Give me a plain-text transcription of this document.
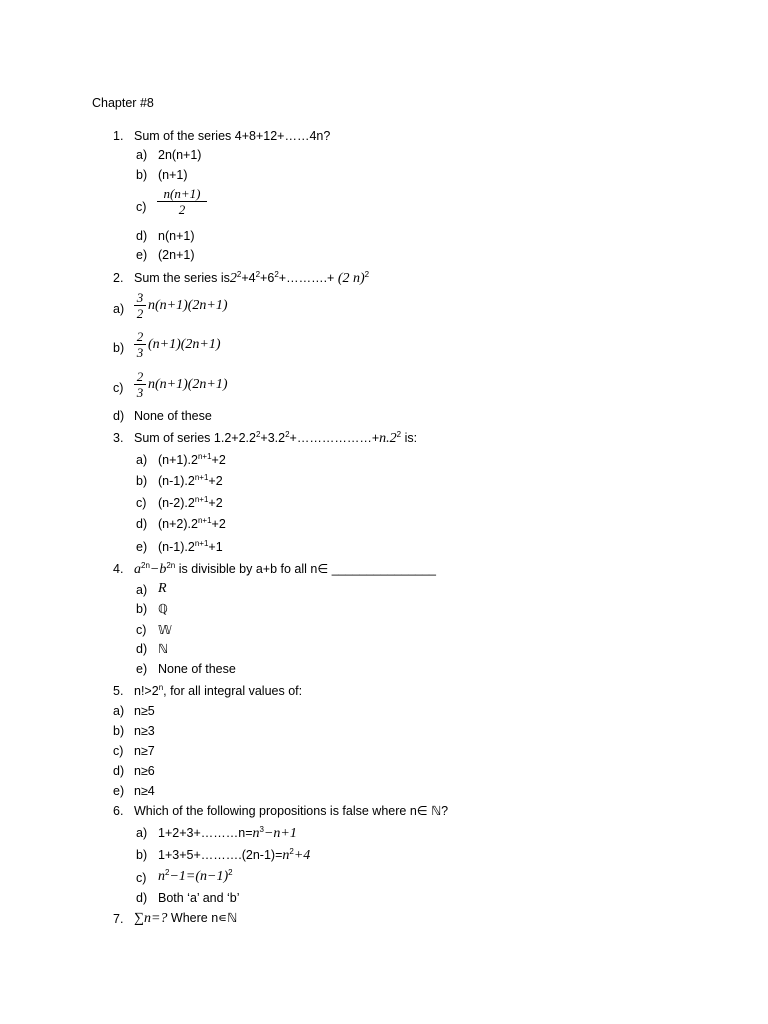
Chapter #8
1. Sum of the series 4+8+12+……4n?
a) 2n(n+1)
b) (n+1)
$c) \frac{n(n+1)}{2}$
d) n(n+1)
e) (2n+1)
2. Sum the series $is2^2+4^2+6^2+\dots\dots\dots.+ (2$ n)$^2$
$a) \frac{3}{2} n(n+1)(2n+1)$
$b) \frac{2}{3} (n+1)(2n+1)$
$c) \frac{2}{3} n(n+1)(2n+1)$
d) None of these
3. Sum of series $1.2+2.2^2+3.2^2+\dots\dots\dots\dots\dots\dots+n.2^2$ is:
a) $(n+1).2^{n+1}+2$
b) $(n-1).2^{n+1}+2$
c) $(n-2).2^{n+1}+2$
d) $(n+2).2^{n+1}+2$
e) $(n-1).2^{n+1}+1$
4. $a^{2n}-b^{2n}$ is divisible by a+b fo all n∈ _______________
a) R
b) ℚ
c) 𝕎
d) ℕ
e) None of these
5. $n!>2^n$, for all integral values of:
a) n≥5
b) n≥3
c) n≥7
d) n≥6
e) n≥4
6. Which of the following propositions is false where n∈ ℕ?
a) $1+2+3+\dots\dots\dots n=n^3-n+1$
b) $1+3+5+\dots\dots\dots.(2n-1)=n^2+4$
c) $n^2-1=(n-1)^2$
d) Both ‘a’ and ‘b’
7. ∑n=? Where n∊ℕ
